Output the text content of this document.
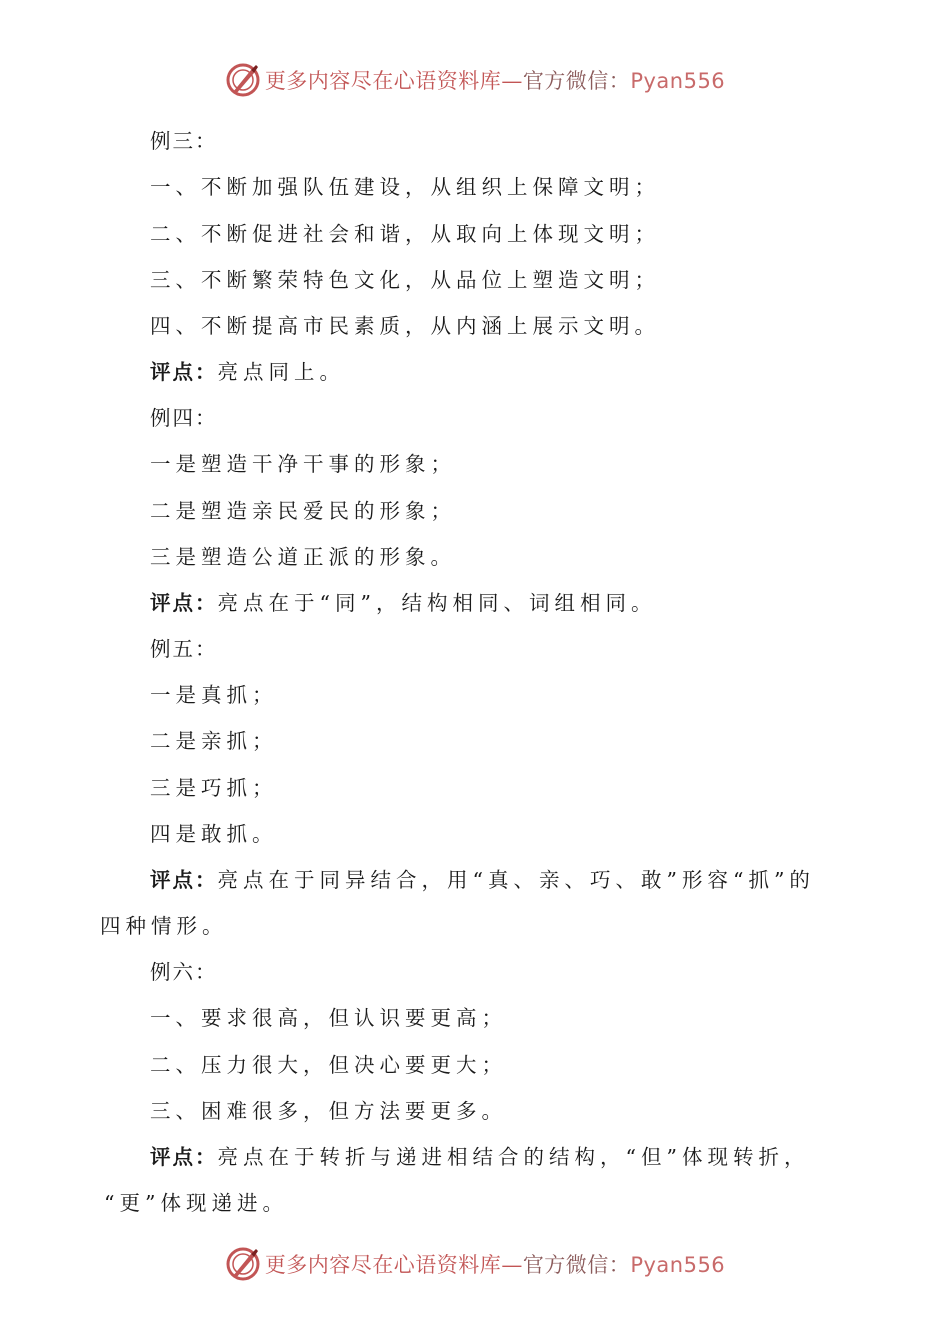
更多内容尽在心语资料库—官方微信：Pyan556
例三：
一、不断加强队伍建设，从组织上保障文明；
二、不断促进社会和谐，从取向上体现文明；
三、不断繁荣特色文化，从品位上塑造文明；
四、不断提高市民素质，从内涵上展示文明。
评点：亮点同上。
例四：
一是塑造干净干事的形象；
二是塑造亲民爱民的形象；
三是塑造公道正派的形象。
评点：亮点在于“同”，结构相同、词组相同。
例五：
一是真抓；
二是亲抓；
三是巧抓；
四是敢抓。
评点：亮点在于同异结合，用“真、亲、巧、敢”形容“抓”的
四种情形。
例六：
一、要求很高，但认识要更高；
二、压力很大，但决心要更大；
三、困难很多，但方法要更多。
评点：亮点在于转折与递进相结合的结构，“但”体现转折，
“更”体现递进。
更多内容尽在心语资料库—官方微信：Pyan556
